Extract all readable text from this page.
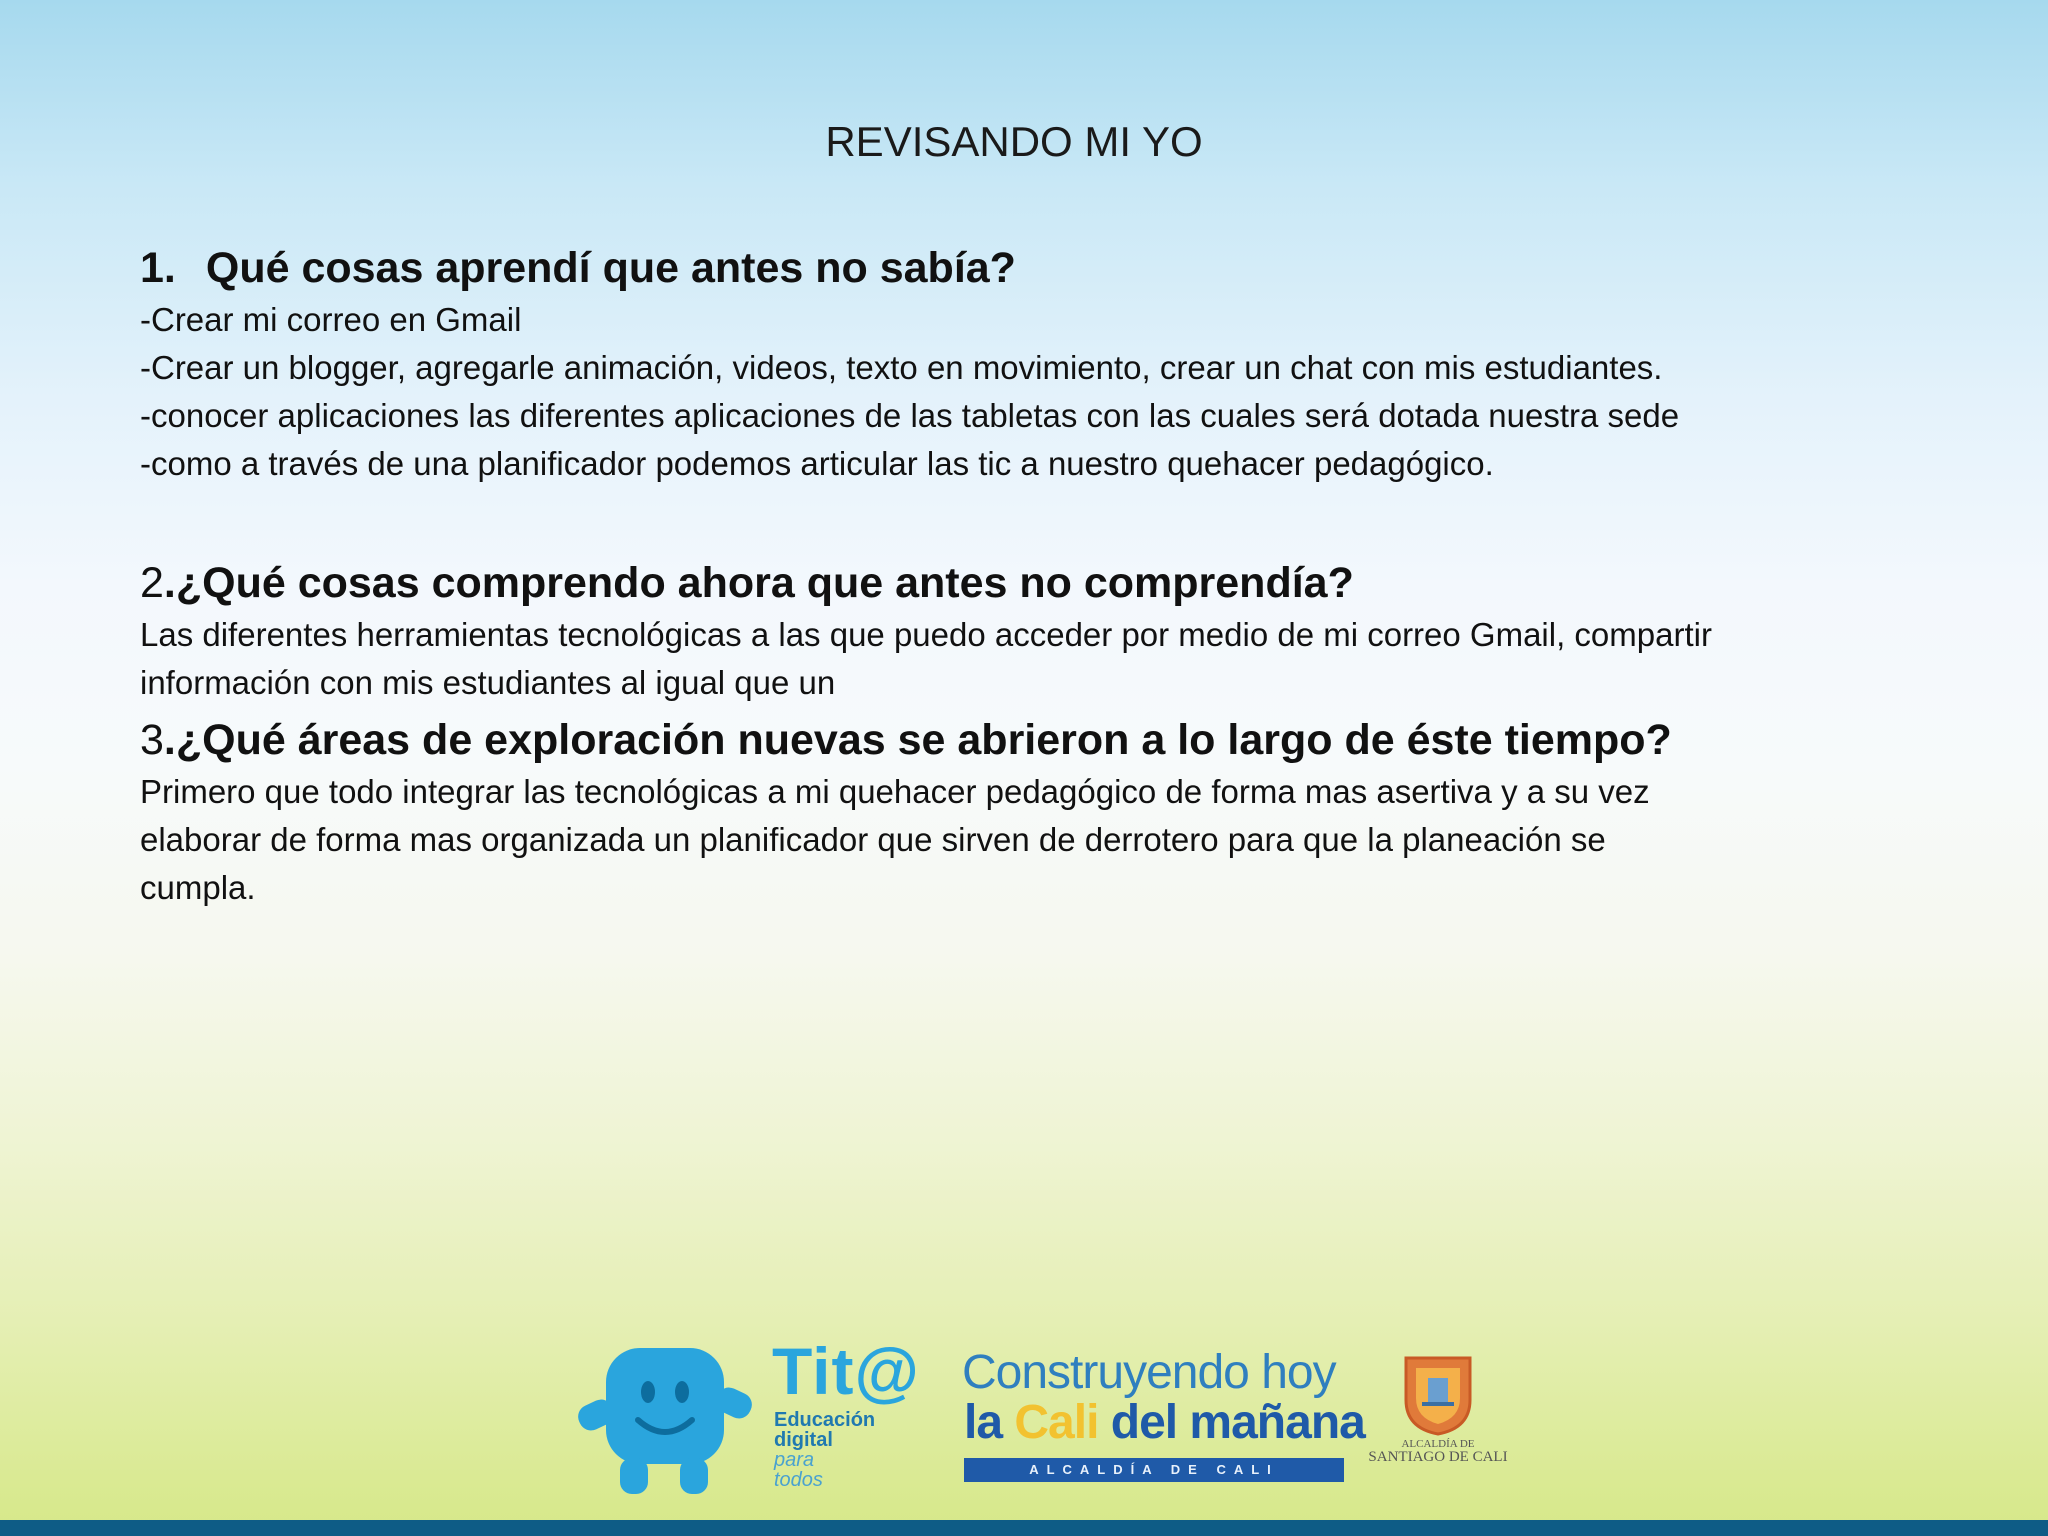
REVISANDO MI YO

1. Qué cosas aprendí que antes no sabía?

-Crear mi correo en Gmail

-Crear un blogger, agregarle animación, videos, texto en movimiento, crear un chat con mis estudiantes.

-conocer aplicaciones las diferentes aplicaciones de las tabletas con las cuales será dotada nuestra sede

-como a través de una planificador podemos articular las tic a nuestro quehacer pedagógico.

2.¿Qué cosas comprendo ahora que antes no comprendía?

Las diferentes herramientas tecnológicas a las que puedo acceder por medio de mi correo Gmail, compartir

información con mis estudiantes al igual que un

3.¿Qué áreas de exploración nuevas se abrieron a lo largo de éste tiempo?

Primero que todo integrar las tecnológicas a mi quehacer pedagógico de forma mas asertiva y a su vez

elaborar de forma mas organizada un planificador que sirven de derrotero para que la planeación se

cumpla.

Tit@
Educación
digital
para
todos
Construyendo hoy
la Cali del mañana
ALCALDÍA DE CALI
ALCALDÍA DE
SANTIAGO DE CALI
